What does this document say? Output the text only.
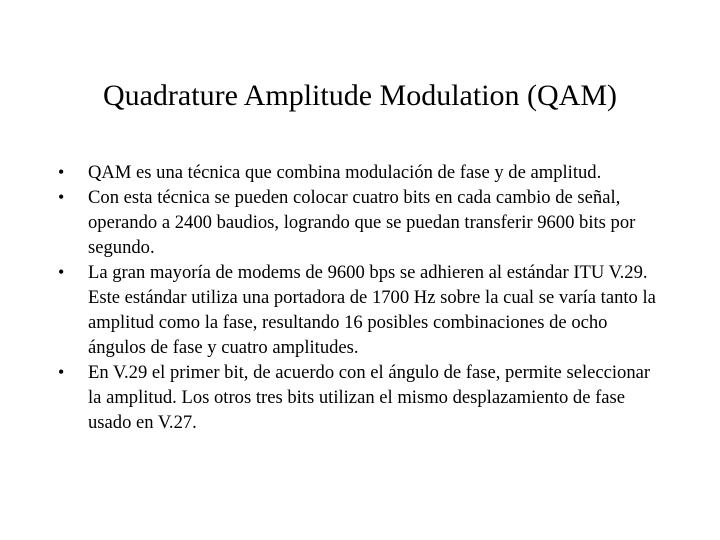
Quadrature Amplitude Modulation (QAM)
•	QAM es una técnica que combina modulación de fase y de amplitud.
•	Con esta técnica se pueden colocar cuatro bits en cada cambio de señal, operando a 2400 baudios, logrando que se puedan transferir 9600 bits por segundo.
•	La gran mayoría de modems de 9600 bps se adhieren al estándar ITU V.29. Este estándar utiliza una portadora de 1700 Hz sobre la cual se varía tanto la amplitud como la fase, resultando 16 posibles combinaciones de ocho ángulos de fase y cuatro amplitudes.
•	En V.29 el primer bit, de acuerdo con el ángulo de fase, permite seleccionar la amplitud. Los otros tres bits utilizan el mismo desplazamiento de fase usado en V.27.
